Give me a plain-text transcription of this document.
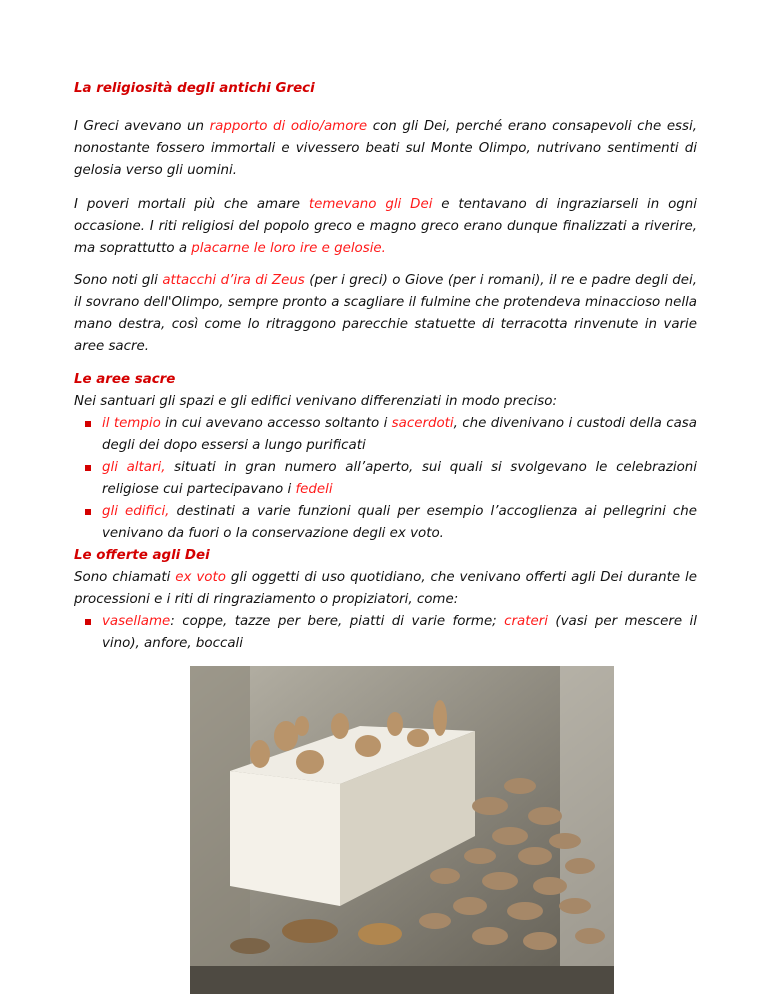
La religiosità degli antichi Greci

I Greci avevano un rapporto di odio/amore con gli Dei, perché erano consapevoli che essi, nonostante fossero immortali e vivessero beati sul Monte Olimpo, nutrivano sentimenti di gelosia verso gli uomini.

I poveri mortali più che amare temevano gli Dei e tentavano di ingraziarseli in ogni occasione. I riti religiosi del popolo greco e magno greco erano dunque finalizzati a riverire, ma soprattutto a placarne le loro ire e gelosie.

Sono noti gli attacchi d’ira di Zeus (per i greci) o Giove (per i romani), il re e padre degli dei, il sovrano dell'Olimpo, sempre pronto a scagliare il fulmine che protendeva minaccioso nella mano destra, così come lo ritraggono parecchie statuette di terracotta rinvenute in varie aree sacre.

Le aree sacre

Nei santuari gli spazi e gli edifici venivano differenziati in modo preciso:

il tempio in cui avevano accesso soltanto i sacerdoti, che divenivano i custodi della casa degli dei dopo essersi a lungo purificati
gli altari, situati in gran numero all’aperto, sui quali si svolgevano le celebrazioni religiose cui partecipavano i fedeli
gli edifici, destinati a varie funzioni quali per esempio l’accoglienza ai pellegrini che venivano da fuori o la conservazione degli ex voto.

Le offerte agli Dei

Sono chiamati ex voto gli oggetti di uso quotidiano, che venivano offerti agli Dei durante le processioni e i riti di ringraziamento o propiziatori, come:

vasellame: coppe, tazze per bere, piatti di varie forme; crateri (vasi per mescere il vino), anfore, boccali
